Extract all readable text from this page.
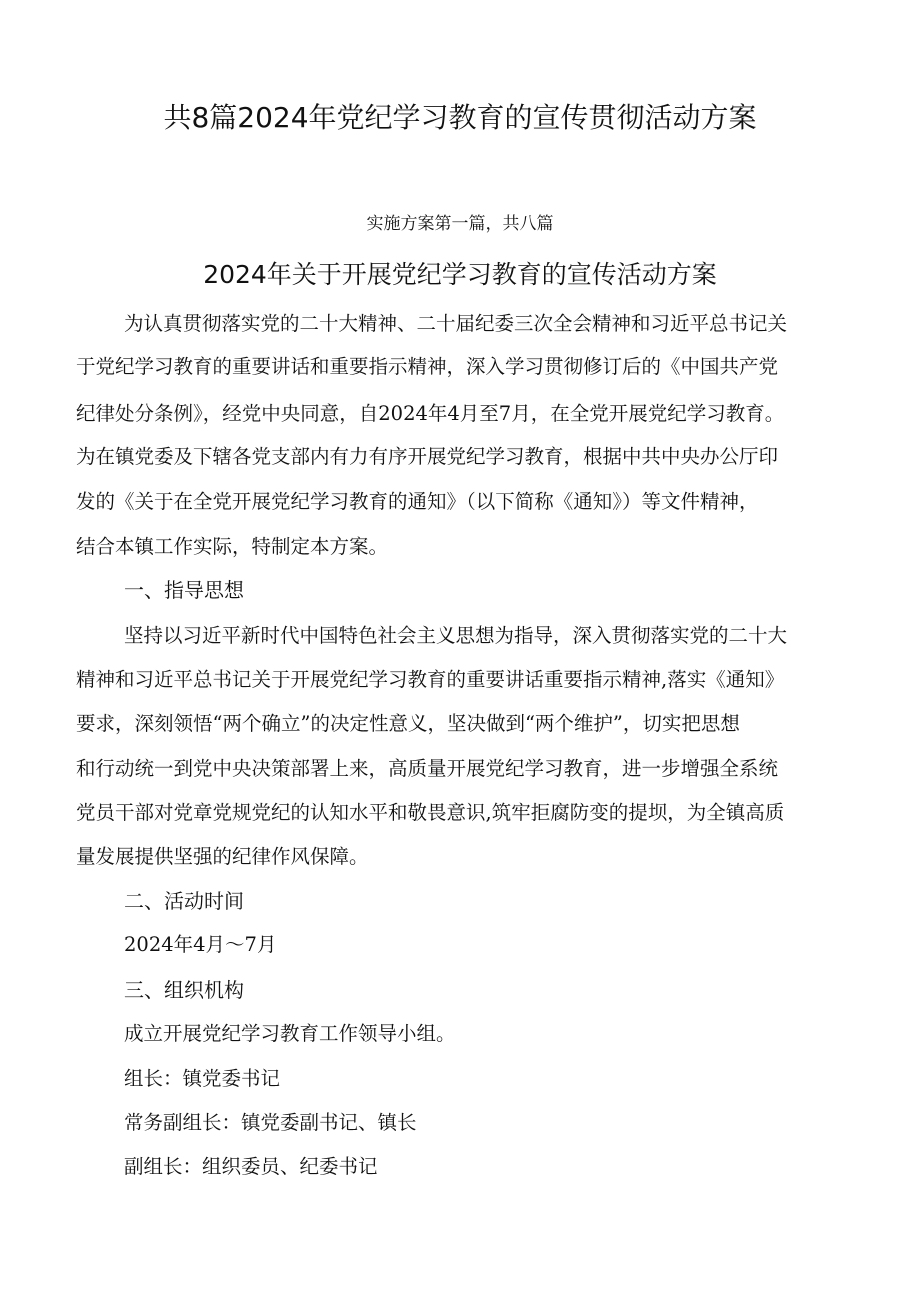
共8篇2024年党纪学习教育的宣传贯彻活动方案
实施方案第一篇，共八篇
2024年关于开展党纪学习教育的宣传活动方案
为认真贯彻落实党的二十大精神、二十届纪委三次全会精神和习近平总书记关
于党纪学习教育的重要讲话和重要指示精神，深入学习贯彻修订后的《中国共产党
纪律处分条例》，经党中央同意，自2024年4月至7月，在全党开展党纪学习教育。
为在镇党委及下辖各党支部内有力有序开展党纪学习教育，根据中共中央办公厅印
发的《关于在全党开展党纪学习教育的通知》（以下简称《通知》）等文件精神，
结合本镇工作实际，特制定本方案。
一、指导思想
坚持以习近平新时代中国特色社会主义思想为指导，深入贯彻落实党的二十大
精神和习近平总书记关于开展党纪学习教育的重要讲话重要指示精神,落实《通知》
要求，深刻领悟“两个确立”的决定性意义，坚决做到“两个维护”，切实把思想
和行动统一到党中央决策部署上来，高质量开展党纪学习教育，进一步增强全系统
党员干部对党章党规党纪的认知水平和敬畏意识,筑牢拒腐防变的提坝，为全镇高质
量发展提供坚强的纪律作风保障。
二、活动时间
2024年4月～7月
三、组织机构
成立开展党纪学习教育工作领导小组。
组长：镇党委书记
常务副组长：镇党委副书记、镇长
副组长：组织委员、纪委书记
